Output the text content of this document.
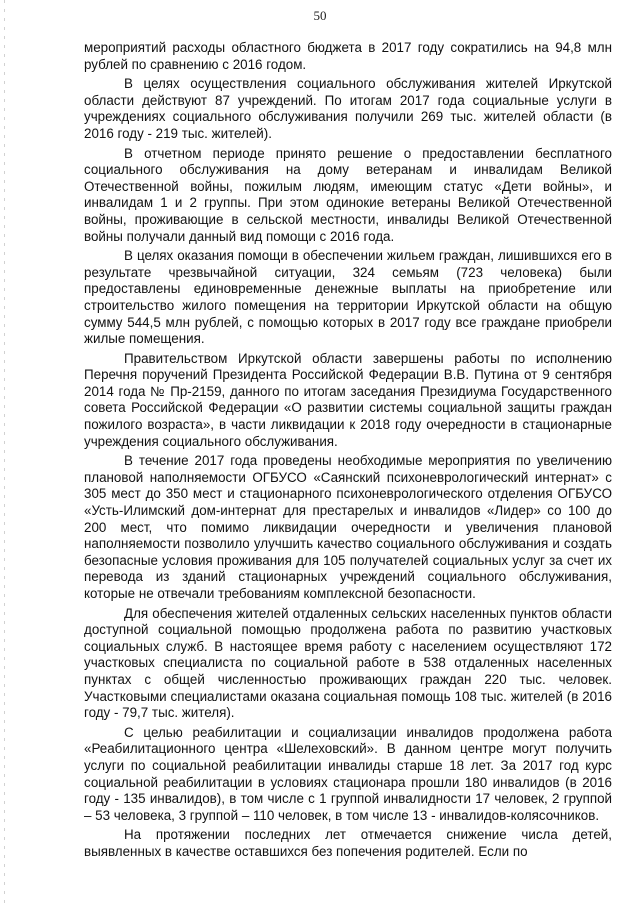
50

мероприятий расходы областного бюджета в 2017 году сократились на 94,8 млн рублей по сравнению с 2016 годом.

В целях осуществления социального обслуживания жителей Иркутской области действуют 87 учреждений. По итогам 2017 года социальные услуги в учреждениях социального обслуживания получили 269 тыс. жителей области (в 2016 году - 219 тыс. жителей).

В отчетном периоде принято решение о предоставлении бесплатного социального обслуживания на дому ветеранам и инвалидам Великой Отечественной войны, пожилым людям, имеющим статус «Дети войны», и инвалидам 1 и 2 группы. При этом одинокие ветераны Великой Отечественной войны, проживающие в сельской местности, инвалиды Великой Отечественной войны получали данный вид помощи с 2016 года.

В целях оказания помощи в обеспечении жильем граждан, лишившихся его в результате чрезвычайной ситуации, 324 семьям (723 человека) были предоставлены единовременные денежные выплаты на приобретение или строительство жилого помещения на территории Иркутской области на общую сумму 544,5 млн рублей, с помощью которых в 2017 году все граждане приобрели жилые помещения.

Правительством Иркутской области завершены работы по исполнению Перечня поручений Президента Российской Федерации В.В. Путина от 9 сентября 2014 года № Пр-2159, данного по итогам заседания Президиума Государственного совета Российской Федерации «О развитии системы социальной защиты граждан пожилого возраста», в части ликвидации к 2018 году очередности в стационарные учреждения социального обслуживания.

В течение 2017 года проведены необходимые мероприятия по увеличению плановой наполняемости ОГБУСО «Саянский психоневрологический интернат» с 305 мест до 350 мест и стационарного психоневрологического отделения ОГБУСО «Усть-Илимский дом-интернат для престарелых и инвалидов «Лидер» со 100 до 200 мест, что помимо ликвидации очередности и увеличения плановой наполняемости позволило улучшить качество социального обслуживания и создать безопасные условия проживания для 105 получателей социальных услуг за счет их перевода из зданий стационарных учреждений социального обслуживания, которые не отвечали требованиям комплексной безопасности.

Для обеспечения жителей отдаленных сельских населенных пунктов области доступной социальной помощью продолжена работа по развитию участковых социальных служб. В настоящее время работу с населением осуществляют 172 участковых специалиста по социальной работе в 538 отдаленных населенных пунктах с общей численностью проживающих граждан 220 тыс. человек. Участковыми специалистами оказана социальная помощь 108 тыс. жителей (в 2016 году - 79,7 тыс. жителя).

С целью реабилитации и социализации инвалидов продолжена работа «Реабилитационного центра «Шелеховский». В данном центре могут получить услуги по социальной реабилитации инвалиды старше 18 лет. За 2017 год курс социальной реабилитации в условиях стационара прошли 180 инвалидов (в 2016 году - 135 инвалидов), в том числе с 1 группой инвалидности 17 человек, 2 группой – 53 человека, 3 группой – 110 человек, в том числе 13 - инвалидов-колясочников.

На протяжении последних лет отмечается снижение числа детей, выявленных в качестве оставшихся без попечения родителей. Если по
